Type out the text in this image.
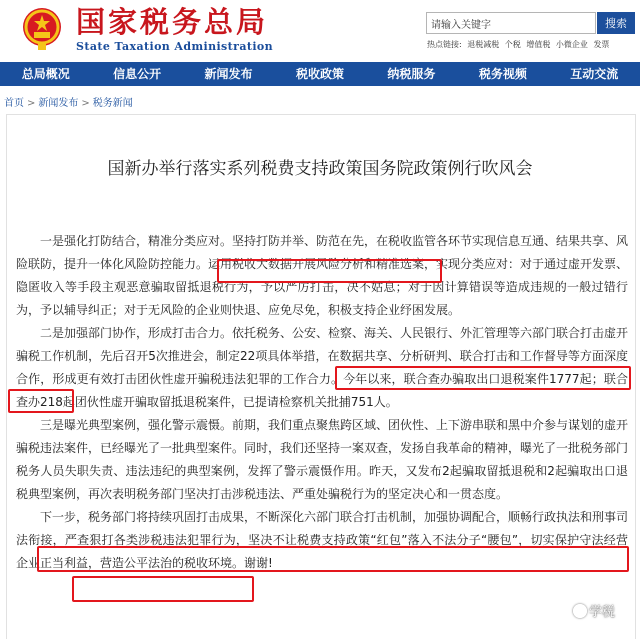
国家税务总局
State Taxation Administration
请输入关键字
搜索
热点链接: 退税减税 个税 增值税 小微企业 发票
总局概况	信息公开	新闻发布	税收政策	纳税服务	税务视频	互动交流
首页 > 新闻发布 > 税务新闻
国新办举行落实系列税费支持政策国务院政策例行吹风会

一是强化打防结合，精准分类应对。坚持打防并举、防范在先，在税收监管各环节实现信息互通、结果共享、风险联防，提升一体化风险防控能力。运用税收大数据开展风险分析和精准选案，实现分类应对：对于通过虚开发票、隐匿收入等手段主观恶意骗取留抵退税行为，予以严厉打击，决不姑息；对于因计算错误等造成违规的一般过错行为，予以辅导纠正；对于无风险的企业则快退、应免尽免，积极支持企业纾困发展。

二是加强部门协作，形成打击合力。依托税务、公安、检察、海关、人民银行、外汇管理等六部门联合打击虚开骗税工作机制，先后召开5次推进会，制定22项具体举措，在数据共享、分析研判、联合打击和工作督导等方面深度合作，形成更有效打击团伙性虚开骗税违法犯罪的工作合力。今年以来，联合查办骗取出口退税案件1777起；联合查办218起团伙性虚开骗取留抵退税案件，已提请检察机关批捕751人。

三是曝光典型案例，强化警示震慑。前期，我们重点聚焦跨区域、团伙性、上下游串联和黑中介参与谋划的虚开骗税违法案件，已经曝光了一批典型案件。同时，我们还坚持一案双查，发扬自我革命的精神，曝光了一批税务部门税务人员失职失责、违法违纪的典型案例，发挥了警示震慑作用。昨天，又发布2起骗取留抵退税和2起骗取出口退税典型案例，再次表明税务部门坚决打击涉税违法、严重处骗税行为的坚定决心和一贯态度。

下一步，税务部门将持续巩固打击成果，不断深化六部门联合打击机制，加强协调配合，顺畅行政执法和刑事司法衔接，严查狠打各类涉税违法犯罪行为，坚决不让税费支持政策“红包”落入不法分子“腰包”，切实保护守法经营企业正当利益，营造公平法治的税收环境。谢谢!

学税
